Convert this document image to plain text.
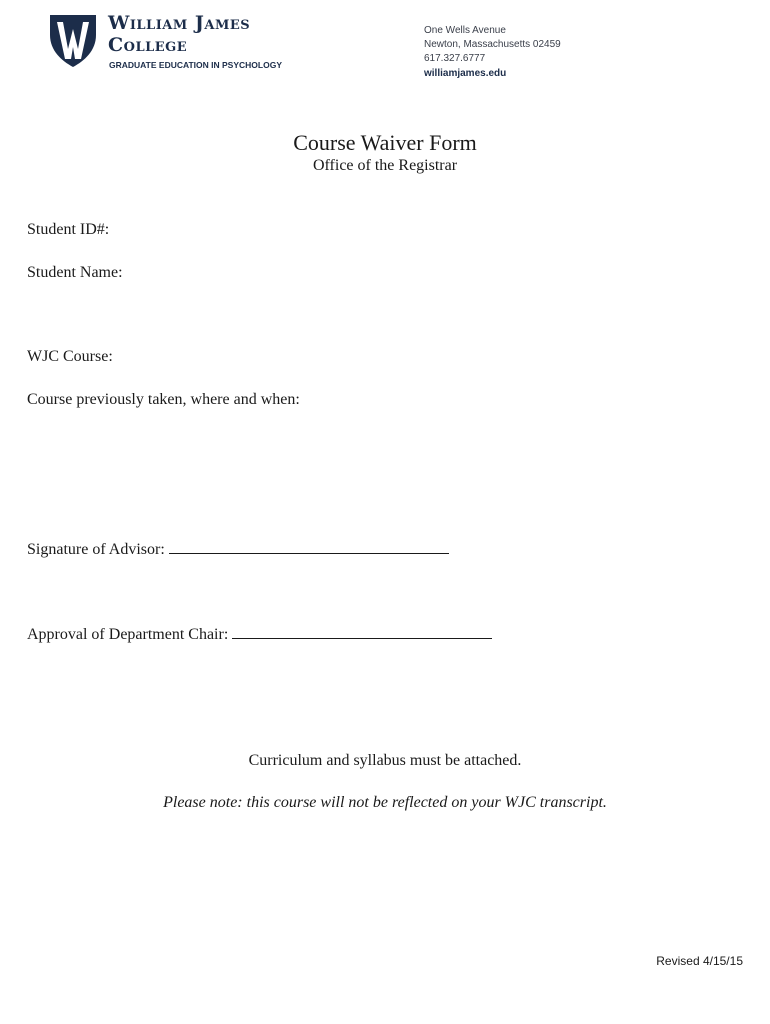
William James
College
GRADUATE EDUCATION IN PSYCHOLOGY
One Wells Avenue
Newton, Massachusetts 02459
617.327.6777
williamjames.edu
Course Waiver Form
Office of the Registrar
Student ID#:
Student Name:
WJC Course:
Course previously taken, where and when:
Signature of Advisor:
Approval of Department Chair:
Curriculum and syllabus must be attached.
Please note: this course will not be reflected on your WJC transcript.
Revised 4/15/15
